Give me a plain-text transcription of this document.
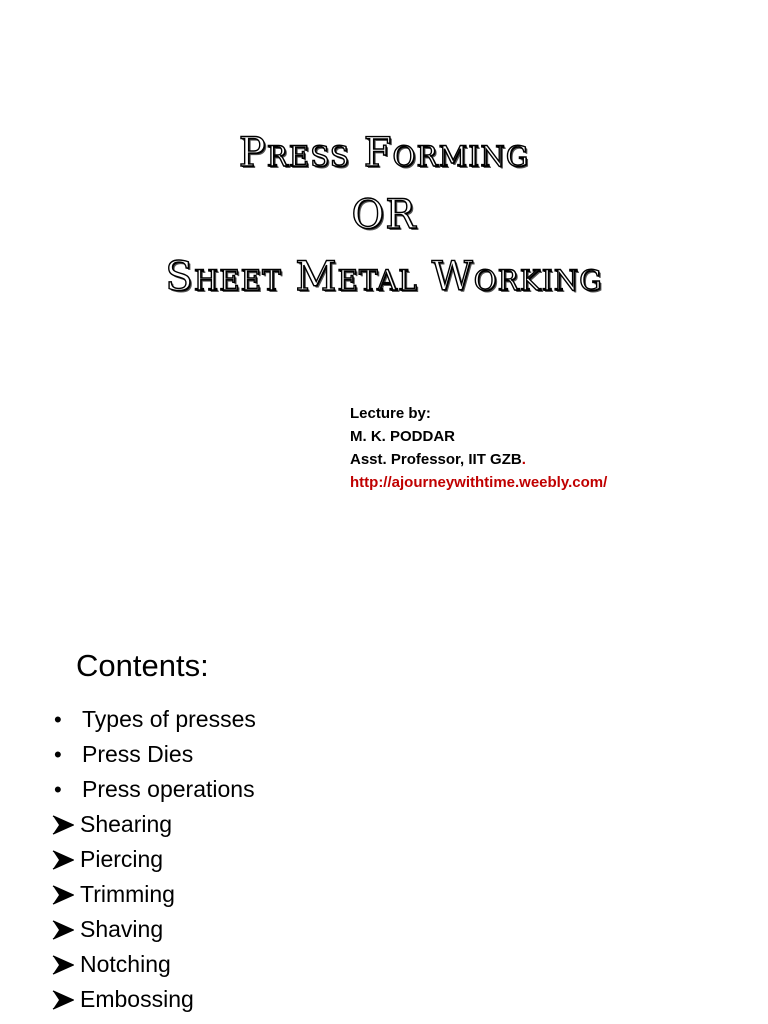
Press Forming
OR
Sheet Metal Working
Lecture by:
M. K. PODDAR
Asst. Professor, IIT GZB.
http://ajourneywithtime.weebly.com/
Contents:
• Types of presses
• Press Dies
• Press operations
Shearing
Piercing
Trimming
Shaving
Notching
Embossing
